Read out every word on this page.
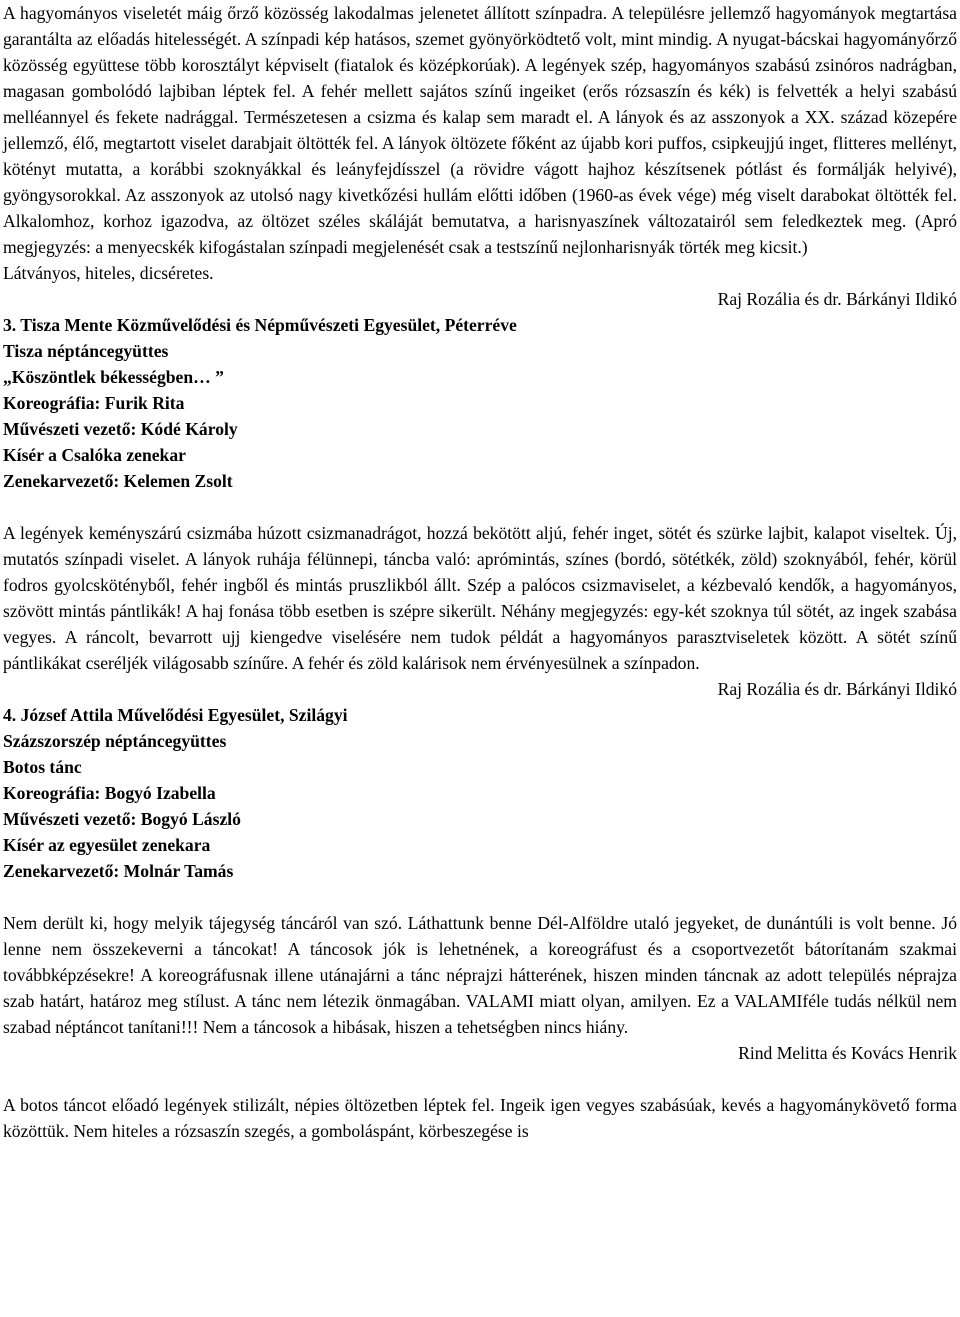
A hagyományos viseletét máig őrző közösség lakodalmas jelenetet állított színpadra. A településre jellemző hagyományok megtartása garantálta az előadás hitelességét. A színpadi kép hatásos, szemet gyönyörködtető volt, mint mindig. A nyugat-bácskai hagyományőrző közösség együttese több korosztályt képviselt (fiatalok és középkorúak). A legények szép, hagyományos szabású zsinóros nadrágban, magasan gombolódó lajbiban léptek fel. A fehér mellett sajátos színű ingeiket (erős rózsaszín és kék) is felvették a helyi szabású melléannyel és fekete nadrággal. Természetesen a csizma és kalap sem maradt el. A lányok és az asszonyok a XX. század közepére jellemző, élő, megtartott viselet darabjait öltötték fel. A lányok öltözete főként az újabb kori puffos, csipkeujjú inget, flitteres mellényt, kötényt mutatta, a korábbi szoknyákkal és leányfejdísszel (a rövidre vágott hajhoz készítsenek pótlást és formálják helyivé), gyöngysorokkal. Az asszonyok az utolsó nagy kivetkőzési hullám előtti időben (1960-as évek vége) még viselt darabokat öltötték fel. Alkalomhoz, korhoz igazodva, az öltözet széles skáláját bemutatva, a harisnyaszínek változatairól sem feledkeztek meg. (Apró megjegyzés: a menyecskék kifogástalan színpadi megjelenését csak a testszínű nejlonharisnyák törték meg kicsit.)

Látványos, hiteles, dicséretes.

Raj Rozália és dr. Bárkányi Ildikó

3. Tisza Mente Közművelődési és Népművészeti Egyesület, Péterréve

Tisza néptáncegyüttes

„Köszöntlek békességben… ”

Koreográfia: Furik Rita

Művészeti vezető: Kódé Károly

Kísér a Csalóka zenekar

Zenekarvezető: Kelemen Zsolt

A legények keményszárú csizmába húzott csizmanadrágot, hozzá bekötött aljú, fehér inget, sötét és szürke lajbit, kalapot viseltek. Új, mutatós színpadi viselet. A lányok ruhája félünnepi, táncba való: aprómintás, színes (bordó, sötétkék, zöld) szoknyából, fehér, körül fodros gyolcskötényből, fehér ingből és mintás pruszlikból állt. Szép a palócos csizmaviselet, a kézbevaló kendők, a hagyományos, szövött mintás pántlikák! A haj fonása több esetben is szépre sikerült. Néhány megjegyzés: egy-két szoknya túl sötét, az ingek szabása vegyes. A ráncolt, bevarrott ujj kiengedve viselésére nem tudok példát a hagyományos parasztviseletek között. A sötét színű pántlikákat cseréljék világosabb színűre. A fehér és zöld kalárisok nem érvényesülnek a színpadon.

Raj Rozália és dr. Bárkányi Ildikó

4. József Attila Művelődési Egyesület, Szilágyi

Százszorszép néptáncegyüttes

Botos tánc

Koreográfia: Bogyó Izabella

Művészeti vezető: Bogyó László

Kísér az egyesület zenekara

Zenekarvezető: Molnár Tamás

Nem derült ki, hogy melyik tájegység táncáról van szó. Láthattunk benne Dél-Alföldre utaló jegyeket, de dunántúli is volt benne. Jó lenne nem összekeverni a táncokat! A táncosok jók is lehetnének, a koreográfust és a csoportvezetőt bátorítanám szakmai továbbképzésekre! A koreográfusnak illene utánajárni a tánc néprajzi hátterének, hiszen minden táncnak az adott település néprajza szab határt, határoz meg stílust. A tánc nem létezik önmagában. VALAMI miatt olyan, amilyen. Ez a VALAMIféle tudás nélkül nem szabad néptáncot tanítani!!! Nem a táncosok a hibásak, hiszen a tehetségben nincs hiány.

Rind Melitta és Kovács Henrik

A botos táncot előadó legények stilizált, népies öltözetben léptek fel. Ingeik igen vegyes szabásúak, kevés a hagyománykövető forma közöttük. Nem hiteles a rózsaszín szegés, a gomboláspánt, körbeszegése is
